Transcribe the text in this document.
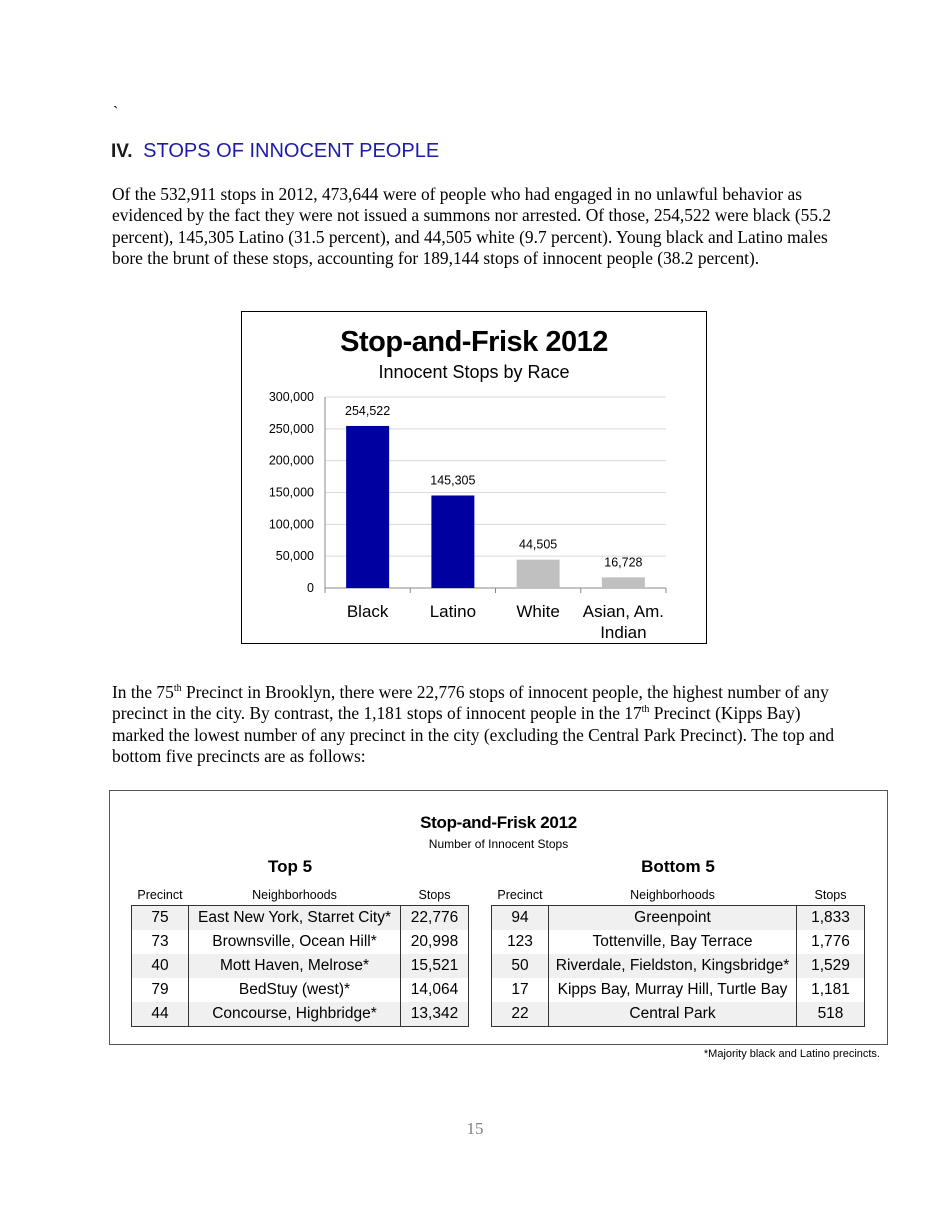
`
IV. STOPS OF INNOCENT PEOPLE

Of the 532,911 stops in 2012, 473,644 were of people who had engaged in no unlawful behavior as evidenced by the fact they were not issued a summons nor arrested. Of those, 254,522 were black (55.2 percent), 145,305 Latino (31.5 percent), and 44,505 white (9.7 percent). Young black and Latino males bore the brunt of these stops, accounting for 189,144 stops of innocent people (38.2 percent).

Stop-and-Frisk 2012
Innocent Stops by Race
0
50,000
100,000
150,000
200,000
250,000
300,000
254,522
Black
145,305
Latino
44,505
White
16,728
Asian, Am.
Indian

In the 75th Precinct in Brooklyn, there were 22,776 stops of innocent people, the highest number of any precinct in the city. By contrast, the 1,181 stops of innocent people in the 17th Precinct (Kipps Bay) marked the lowest number of any precinct in the city (excluding the Central Park Precinct). The top and bottom five precincts are as follows:

Stop-and-Frisk 2012
Number of Innocent Stops
Top 5	Bottom 5
Precinct	Neighborhoods	Stops
75	East New York, Starret City*	22,776
73	Brownsville, Ocean Hill*	20,998
40	Mott Haven, Melrose*	15,521
79	BedStuy (west)*	14,064
44	Concourse, Highbridge*	13,342
Precinct	Neighborhoods	Stops
94	Greenpoint	1,833
123	Tottenville, Bay Terrace	1,776
50	Riverdale, Fieldston, Kingsbridge*	1,529
17	Kipps Bay, Murray Hill, Turtle Bay	1,181
22	Central Park	518
*Majority black and Latino precincts.
15
